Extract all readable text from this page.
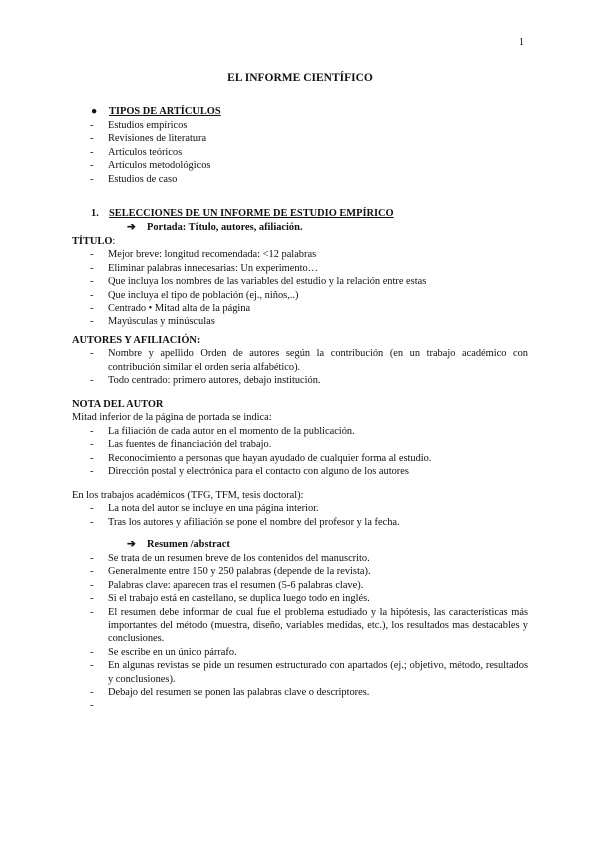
1
EL INFORME CIENTÍFICO
● TIPOS DE ARTÍCULOS
- Estudios empíricos
- Revisiones de literatura
- Artículos teóricos
- Artículos metodológicos
- Estudios de caso
1. SELECCIONES DE UN INFORME DE ESTUDIO EMPÍRICO
➔ Portada: Título, autores, afiliación.
TÍTULO:
- Mejor breve: longitud recomendada: <12 palabras
- Eliminar palabras innecesarias: Un experimento…
- Que incluya los nombres de las variables del estudio y la relación entre estas
- Que incluya el tipo de población (ej., niños,..)
- Centrado • Mitad alta de la página
- Mayúsculas y minúsculas
AUTORES Y AFILIACIÓN:
- Nombre y apellido Orden de autores según la contribución (en un trabajo académico con contribución similar el orden sería alfabético).
- Todo centrado: primero autores, debajo institución.
NOTA DEL AUTOR
Mitad inferior de la página de portada se indica:
- La filiación de cada autor en el momento de la publicación.
- Las fuentes de financiación del trabajo.
- Reconocimiento a personas que hayan ayudado de cualquier forma al estudio.
- Dirección postal y electrónica para el contacto con alguno de los autores
En los trabajos académicos (TFG, TFM, tesis doctoral):
- La nota del autor se incluye en una página interior.
- Tras los autores y afiliación se pone el nombre del profesor y la fecha.
➔ Resumen /abstract
- Se trata de un resumen breve de los contenidos del manuscrito.
- Generalmente entre 150 y 250 palabras (depende de la revista).
- Palabras clave: aparecen tras el resumen (5-6 palabras clave).
- Si el trabajo está en castellano, se duplica luego todo en inglés.
- El resumen debe informar de cual fue el problema estudiado y la hipótesis, las características más importantes del método (muestra, diseño, variables medidas, etc.), los resultados mas destacables y conclusiones.
- Se escribe en un único párrafo.
- En algunas revistas se pide un resumen estructurado con apartados (ej.; objetivo, método, resultados y conclusiones).
- Debajo del resumen se ponen las palabras clave o descriptores.
-
